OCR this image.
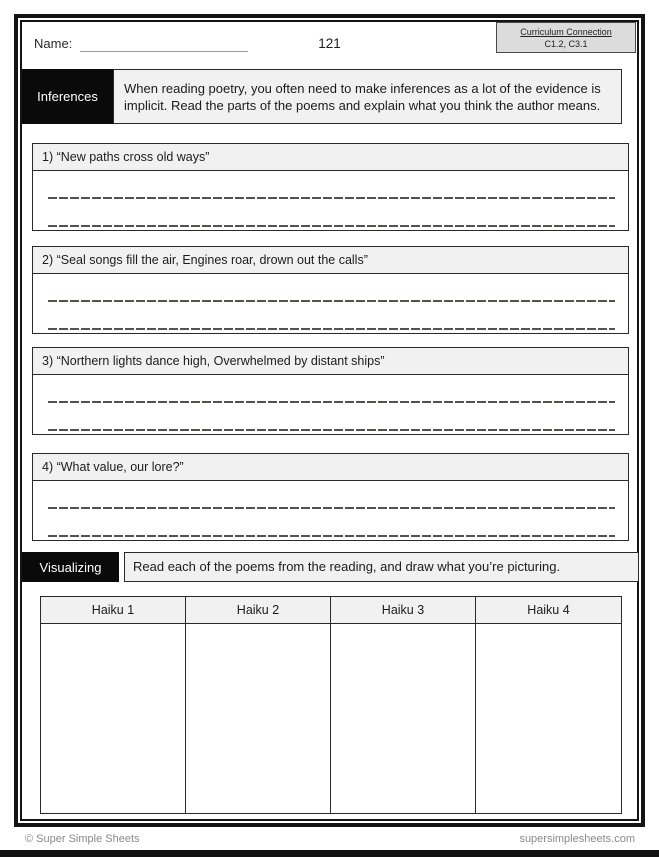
Name:	121
Curriculum Connection
C1.2, C3.1
Inferences
When reading poetry, you often need to make inferences as a lot of the evidence is implicit. Read the parts of the poems and explain what you think the author means.
1) “New paths cross old ways”
2) “Seal songs fill the air, Engines roar, drown out the calls”
3) “Northern lights dance high, Overwhelmed by distant ships”
4) “What value, our lore?”
Visualizing	Read each of the poems from the reading, and draw what you’re picturing.
Haiku 1	Haiku 2	Haiku 3	Haiku 4
© Super Simple Sheets	supersimplesheets.com
